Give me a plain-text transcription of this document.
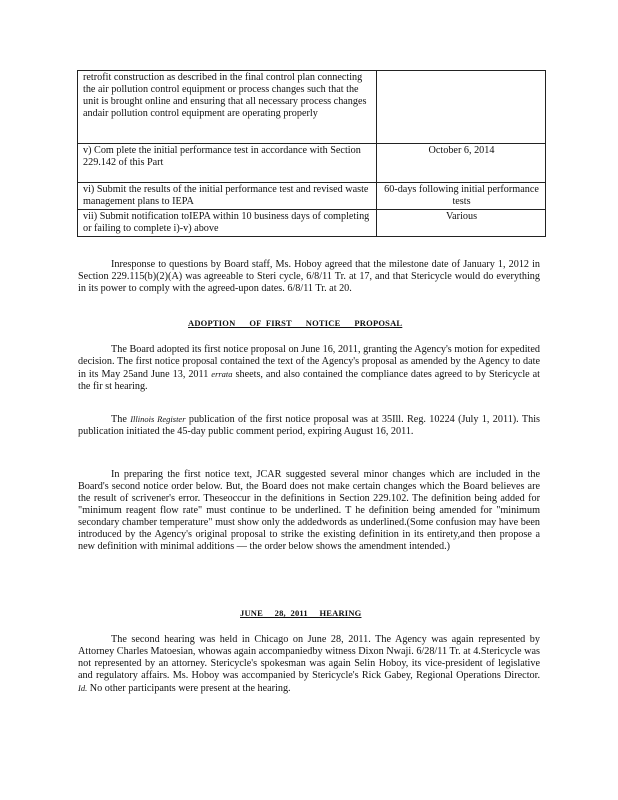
retrofit construction as described in the final control plan connecting the air pollution control equipment or process changes such that the unit is brought online and ensuring that all necessary process changes andair pollution control equipment are operating properly	
v) Com plete the initial performance test in accordance with Section 229.142 of this Part	October 6, 2014
vi) Submit the results of the initial performance test and revised waste management plans to IEPA	60-days following initial performance tests
vii) Submit notification toIEPA within 10 business days of completing or failing to complete i)-v) above	Various
Inresponse to questions by Board staff, Ms. Hoboy agreed that the milestone date of January 1, 2012 in Section 229.115(b)(2)(A) was agreeable to Steri cycle, 6/8/11 Tr. at 17, and that Stericycle would do everything in its power to comply with the agreed-upon dates. 6/8/11 Tr. at 20.
ADOPTION      OF  FIRST      NOTICE      PROPOSAL
The Board adopted its first notice proposal on June 16, 2011, granting the Agency's motion for expedited decision. The first notice proposal contained the text of the Agency's proposal as amended by the Agency to date in its May 25and June 13, 2011 errata sheets, and also contained the compliance dates agreed to by Stericycle at the fir st hearing.
The Illinois Register publication of the first notice proposal was at 35Ill. Reg. 10224 (July 1, 2011). This publication initiated the 45-day public comment period, expiring August 16, 2011.
In preparing the first notice text, JCAR suggested several minor changes which are included in the Board's second notice order below. But, the Board does not make certain changes which the Board believes are the result of scrivener's error. Theseoccur in the definitions in Section 229.102. The definition being added for "minimum reagent flow rate" must continue to be underlined. T he definition being amended for "minimum secondary chamber temperature" must show only the addedwords as underlined.(Some confusion may have been introduced by the Agency's original proposal to strike the existing definition in its entirety,and then propose a new definition with minimal additions — the order below shows the amendment intended.)
JUNE     28,  2011     HEARING
The second hearing was held in Chicago on June 28, 2011. The Agency was again represented by Attorney Charles Matoesian, whowas again accompaniedby witness Dixon Nwaji. 6/28/11 Tr. at 4.Stericycle was not represented by an attorney. Stericycle's spokesman was again Selin Hoboy, its vice-president of legislative and regulatory affairs. Ms. Hoboy was accompanied by Stericycle's Rick Gabey, Regional Operations Director. Id. No other participants were present at the hearing.
